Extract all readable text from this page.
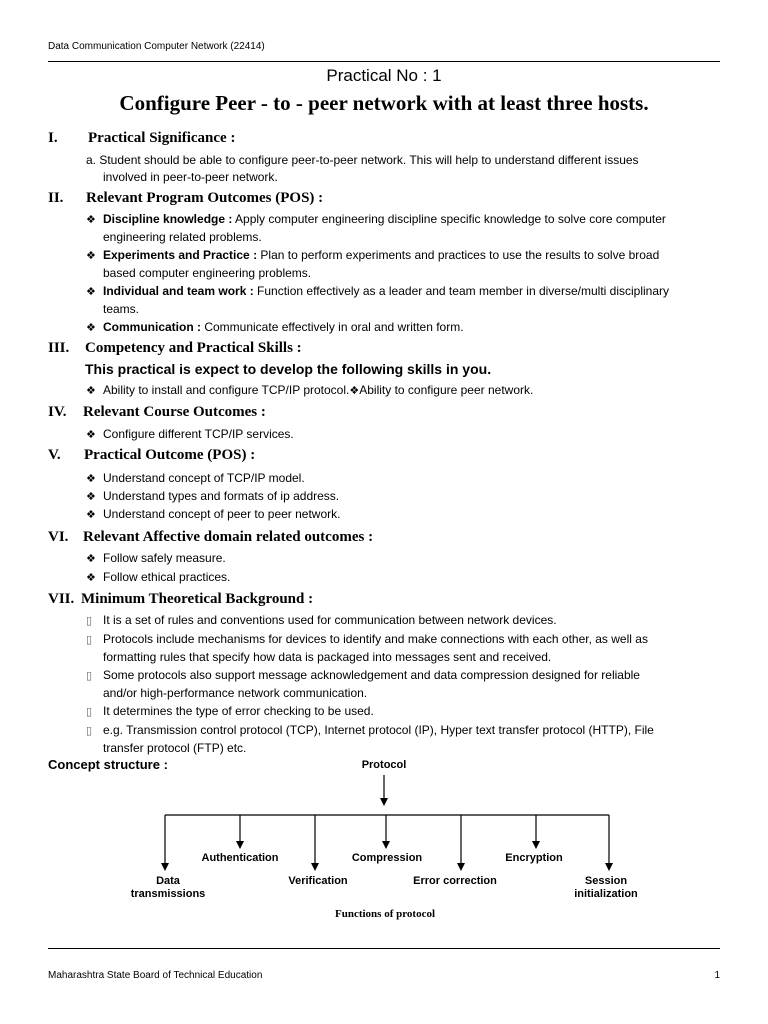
Data Communication Computer Network (22414)
Practical No : 1
Configure Peer - to - peer network with at least three hosts.
I. Practical Significance :
a. Student should be able to configure peer-to-peer network. This will help to understand different issues
involved in peer-to-peer network.
II. Relevant Program Outcomes (POS) :
❖ Discipline knowledge : Apply computer engineering discipline specific knowledge to solve core computer
engineering related problems.
❖ Experiments and Practice : Plan to perform experiments and practices to use the results to solve broad
based computer engineering problems.
❖ Individual and team work : Function effectively as a leader and team member in diverse/multi disciplinary
teams.
❖ Communication : Communicate effectively in oral and written form.
III. Competency and Practical Skills :
This practical is expect to develop the following skills in you.
❖ Ability to install and configure TCP/IP protocol.❖Ability to configure peer network.
IV. Relevant Course Outcomes :
❖ Configure different TCP/IP services.
V. Practical Outcome (POS) :
❖ Understand concept of TCP/IP model.
❖ Understand types and formats of ip address.
❖ Understand concept of peer to peer network.
VI. Relevant Affective domain related outcomes :
❖ Follow safely measure.
❖ Follow ethical practices.
VII. Minimum Theoretical Background :
▯ It is a set of rules and conventions used for communication between network devices.
▯ Protocols include mechanisms for devices to identify and make connections with each other, as well as
formatting rules that specify how data is packaged into messages sent and received.
▯ Some protocols also support message acknowledgement and data compression designed for reliable
and/or high-performance network communication.
▯ It determines the type of error checking to be used.
▯ e.g. Transmission control protocol (TCP), Internet protocol (IP), Hyper text transfer protocol (HTTP), File
transfer protocol (FTP) etc.
Concept structure :	Protocol
Authentication	Compression	Encryption
Data
transmissions
Verification	Error correction	Session
initialization
Functions of protocol
Maharashtra State Board of Technical Education	1
